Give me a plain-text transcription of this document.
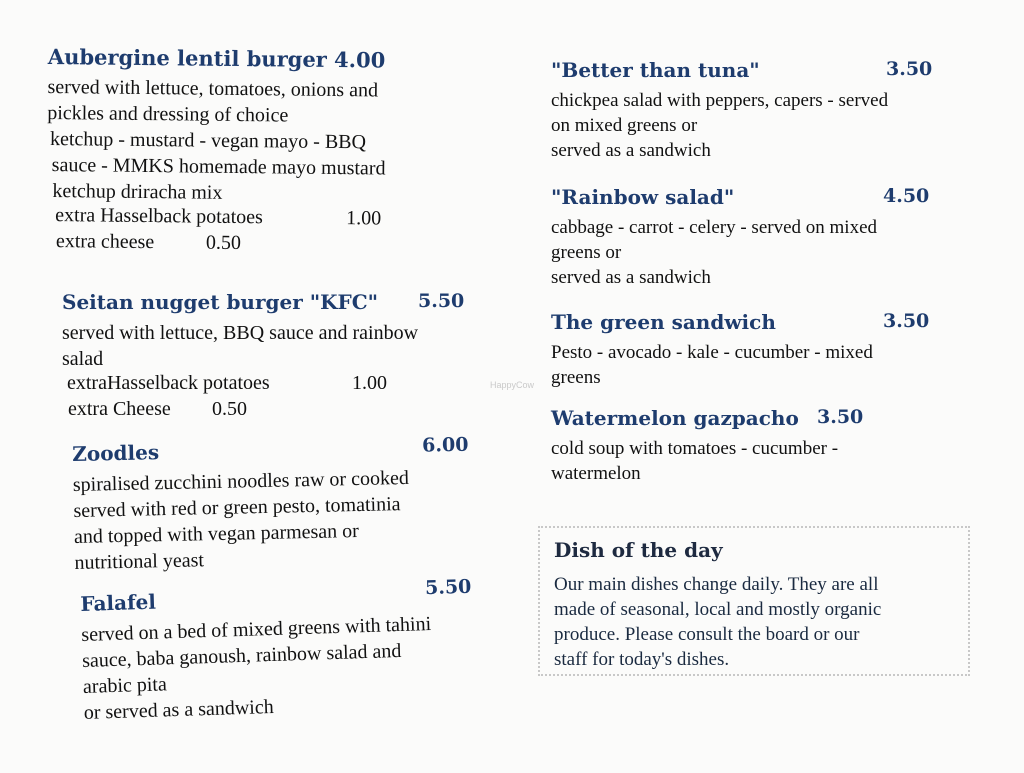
Aubergine lentil burger 4.00
served with lettuce, tomatoes, onions and
pickles and dressing of choice
ketchup - mustard - vegan mayo - BBQ
sauce - MMKS homemade mayo mustard
ketchup driracha mix
extra Hasselback potatoes	1.00
extra cheese	0.50
Seitan nugget burger "KFC" 5.50
served with lettuce, BBQ sauce and rainbow
salad
extraHasselback potatoes	1.00
extra Cheese 0.50
Zoodles	6.00
spiralised zucchini noodles raw or cooked
served with red or green pesto, tomatinia
and topped with vegan parmesan or
nutritional yeast
Falafel
5.50
served on a bed of mixed greens with tahini
sauce, baba ganoush, rainbow salad and
arabic pita
or served as a sandwich
"Better than tuna"	3.50
chickpea salad with peppers, capers - served
on mixed greens or
served as a sandwich
"Rainbow salad"	4.50
cabbage - carrot - celery - served on mixed
greens or
served as a sandwich
The green sandwich	3.50
Pesto - avocado - kale - cucumber - mixed
greens
Watermelon gazpacho 3.50
cold soup with tomatoes - cucumber -
watermelon
Dish of the day
Our main dishes change daily. They are all
made of seasonal, local and mostly organic
produce. Please consult the board or our
staff for today's dishes.
HappyCow
